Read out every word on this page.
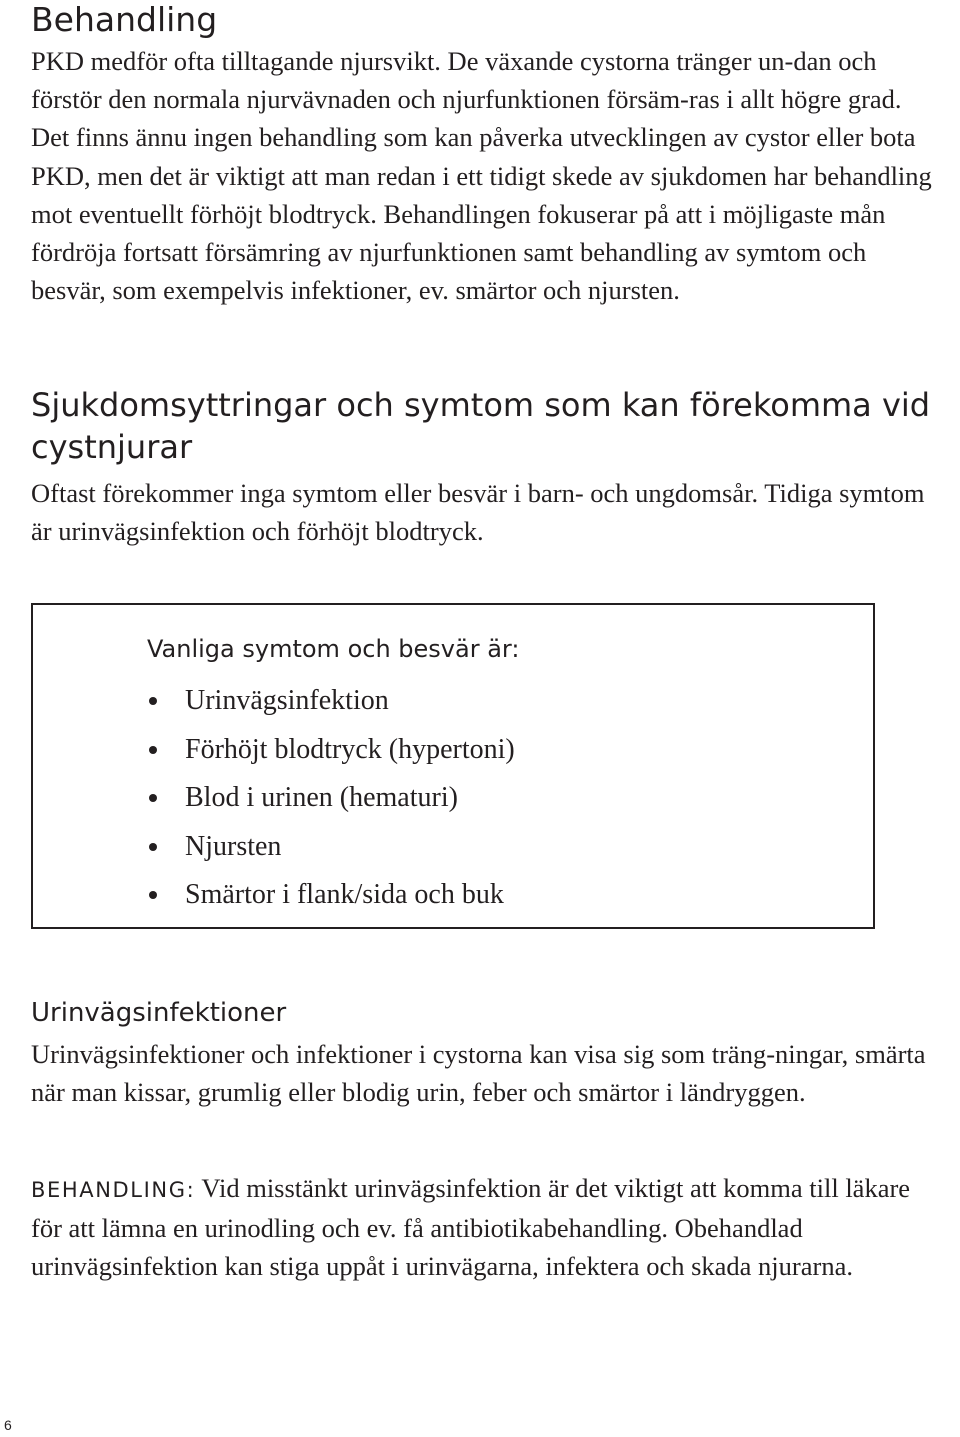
Behandling

PKD medför ofta tilltagande njursvikt. De växande cystorna tränger un-dan och förstör den normala njurvävnaden och njurfunktionen försäm-ras i allt högre grad. Det finns ännu ingen behandling som kan påverka utvecklingen av cystor eller bota PKD, men det är viktigt att man redan i ett tidigt skede av sjukdomen har behandling mot eventuellt förhöjt blodtryck. Behandlingen fokuserar på att i möjligaste mån fördröja fortsatt försämring av njurfunktionen samt behandling av symtom och besvär, som exempelvis infektioner, ev. smärtor och njursten.

Sjukdomsyttringar och symtom som kan förekomma vid cystnjurar

Oftast förekommer inga symtom eller besvär i barn- och ungdomsår. Tidiga symtom är urinvägsinfektion och förhöjt blodtryck.

Vanliga symtom och besvär är:
Urinvägsinfektion
Förhöjt blodtryck (hypertoni)
Blod i urinen (hematuri)
Njursten
Smärtor i flank/sida och buk
Urinvägsinfektioner

Urinvägsinfektioner och infektioner i cystorna kan visa sig som träng-ningar, smärta när man kissar, grumlig eller blodig urin, feber och smärtor i ländryggen.

BEHANDLING: Vid misstänkt urinvägsinfektion är det viktigt att komma till läkare för att lämna en urinodling och ev. få antibiotikabehandling. Obehandlad urinvägsinfektion kan stiga uppåt i urinvägarna, infektera och skada njurarna.

6
